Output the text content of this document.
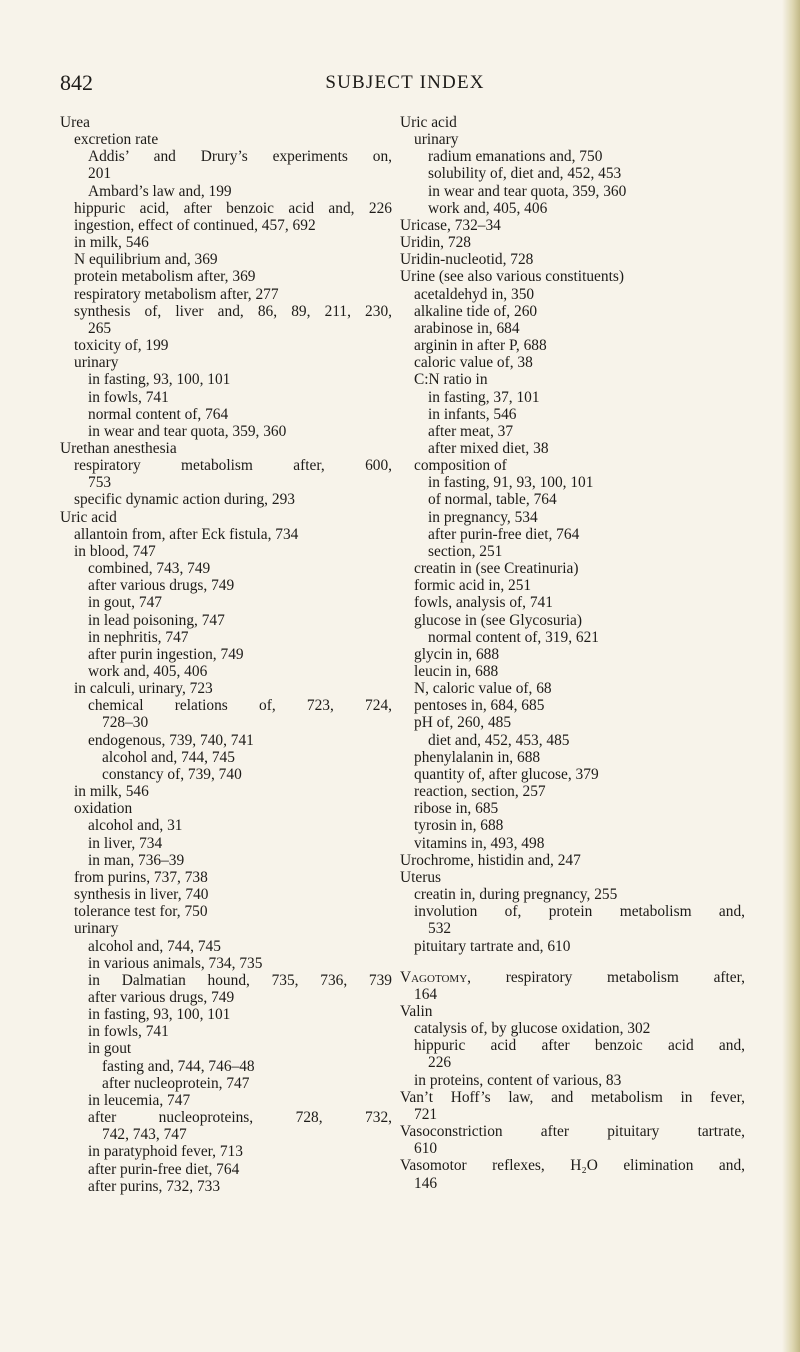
842	SUBJECT INDEX
Urea
excretion rate
Addis’ and Drury’s experiments on,
201
Ambard’s law and, 199
hippuric acid, after benzoic acid and, 226
ingestion, effect of continued, 457, 692
in milk, 546
N equilibrium and, 369
protein metabolism after, 369
respiratory metabolism after, 277
synthesis of, liver and, 86, 89, 211, 230,
265
toxicity of, 199
urinary
in fasting, 93, 100, 101
in fowls, 741
normal content of, 764
in wear and tear quota, 359, 360
Urethan anesthesia
respiratory metabolism after, 600,
753
specific dynamic action during, 293
Uric acid
allantoin from, after Eck fistula, 734
in blood, 747
combined, 743, 749
after various drugs, 749
in gout, 747
in lead poisoning, 747
in nephritis, 747
after purin ingestion, 749
work and, 405, 406
in calculi, urinary, 723
chemical relations of, 723, 724,
728–30
endogenous, 739, 740, 741
alcohol and, 744, 745
constancy of, 739, 740
in milk, 546
oxidation
alcohol and, 31
in liver, 734
in man, 736–39
from purins, 737, 738
synthesis in liver, 740
tolerance test for, 750
urinary
alcohol and, 744, 745
in various animals, 734, 735
in Dalmatian hound, 735, 736, 739
after various drugs, 749
in fasting, 93, 100, 101
in fowls, 741
in gout
fasting and, 744, 746–48
after nucleoprotein, 747
in leucemia, 747
after nucleoproteins, 728, 732,
742, 743, 747
in paratyphoid fever, 713
after purin-free diet, 764
after purins, 732, 733
Uric acid
urinary
radium emanations and, 750
solubility of, diet and, 452, 453
in wear and tear quota, 359, 360
work and, 405, 406
Uricase, 732–34
Uridin, 728
Uridin-nucleotid, 728
Urine (see also various constituents)
acetaldehyd in, 350
alkaline tide of, 260
arabinose in, 684
arginin in after P, 688
caloric value of, 38
C:N ratio in
in fasting, 37, 101
in infants, 546
after meat, 37
after mixed diet, 38
composition of
in fasting, 91, 93, 100, 101
of normal, table, 764
in pregnancy, 534
after purin-free diet, 764
section, 251
creatin in (see Creatinuria)
formic acid in, 251
fowls, analysis of, 741
glucose in (see Glycosuria)
normal content of, 319, 621
glycin in, 688
leucin in, 688
N, caloric value of, 68
pentoses in, 684, 685
pH of, 260, 485
diet and, 452, 453, 485
phenylalanin in, 688
quantity of, after glucose, 379
reaction, section, 257
ribose in, 685
tyrosin in, 688
vitamins in, 493, 498
Urochrome, histidin and, 247
Uterus
creatin in, during pregnancy, 255
involution of, protein metabolism and,
532
pituitary tartrate and, 610
Vagotomy, respiratory metabolism after,
164
Valin
catalysis of, by glucose oxidation, 302
hippuric acid after benzoic acid and,
226
in proteins, content of various, 83
Van’t Hoff’s law, and metabolism in fever,
721
Vasoconstriction after pituitary tartrate,
610
Vasomotor reflexes, H₂O elimination and,
146
